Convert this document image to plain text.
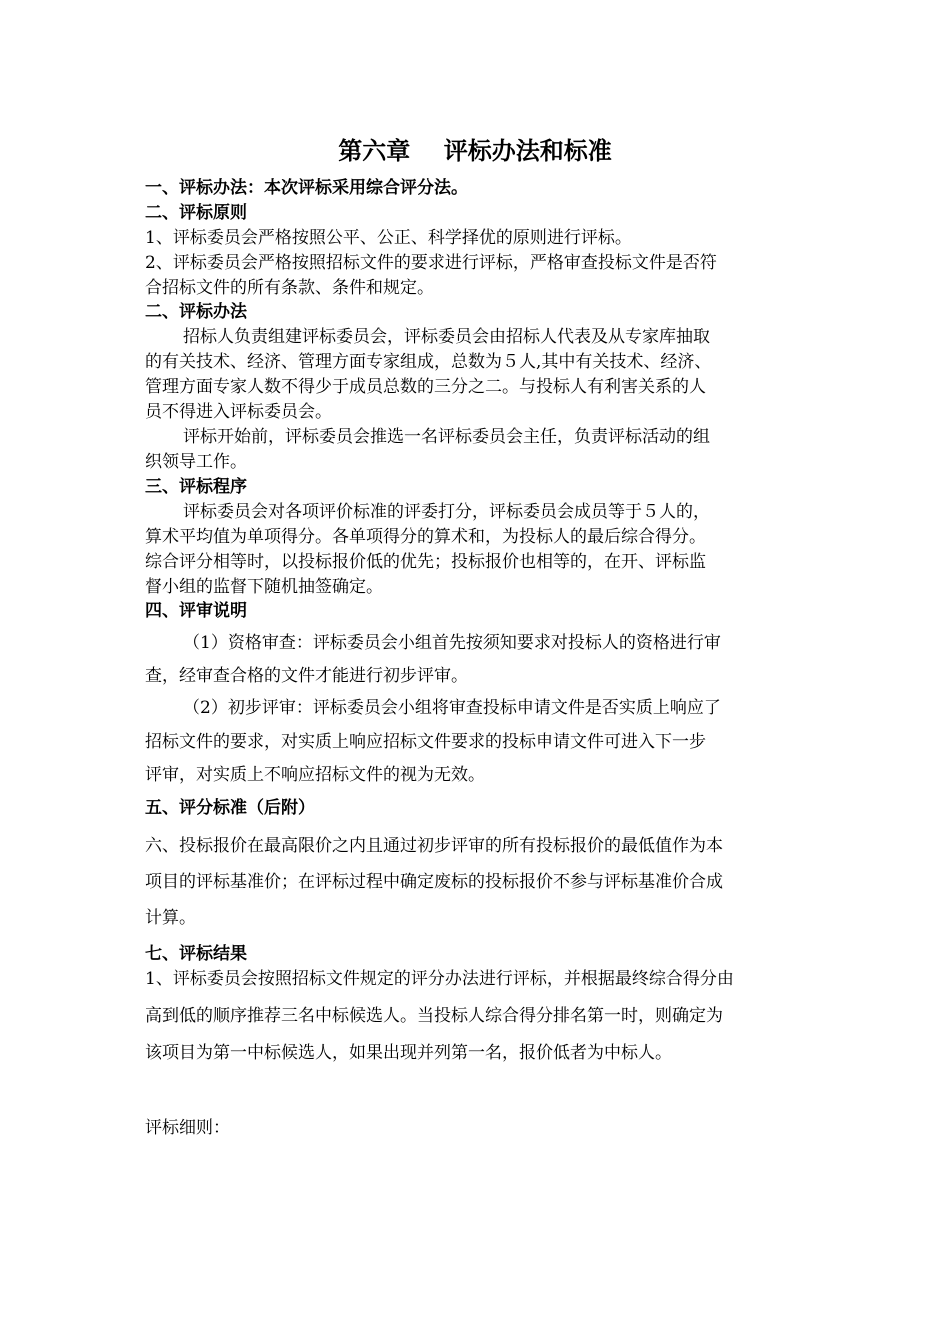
第六章    评标办法和标准
一、评标办法：本次评标采用综合评分法。
二、评标原则
1、评标委员会严格按照公平、公正、科学择优的原则进行评标。
2、评标委员会严格按照招标文件的要求进行评标，严格审查投标文件是否符
合招标文件的所有条款、条件和规定。
二、评标办法
招标人负责组建评标委员会，评标委员会由招标人代表及从专家库抽取
的有关技术、经济、管理方面专家组成，总数为５人,其中有关技术、经济、
管理方面专家人数不得少于成员总数的三分之二。与投标人有利害关系的人
员不得进入评标委员会。
评标开始前，评标委员会推选一名评标委员会主任，负责评标活动的组
织领导工作。
三、评标程序
评标委员会对各项评价标准的评委打分，评标委员会成员等于５人的，
算术平均值为单项得分。各单项得分的算术和，为投标人的最后综合得分。
综合评分相等时，以投标报价低的优先；投标报价也相等的，在开、评标监
督小组的监督下随机抽签确定。
四、评审说明
（1）资格审查：评标委员会小组首先按须知要求对投标人的资格进行审
查，经审查合格的文件才能进行初步评审。
（2）初步评审：评标委员会小组将审查投标申请文件是否实质上响应了
招标文件的要求，对实质上响应招标文件要求的投标申请文件可进入下一步
评审，对实质上不响应招标文件的视为无效。
五、评分标准（后附）
六、投标报价在最高限价之内且通过初步评审的所有投标报价的最低值作为本
项目的评标基准价；在评标过程中确定废标的投标报价不参与评标基准价合成
计算。
七、评标结果
1、评标委员会按照招标文件规定的评分办法进行评标，并根据最终综合得分由
高到低的顺序推荐三名中标候选人。当投标人综合得分排名第一时，则确定为
该项目为第一中标候选人，如果出现并列第一名，报价低者为中标人。
评标细则：
